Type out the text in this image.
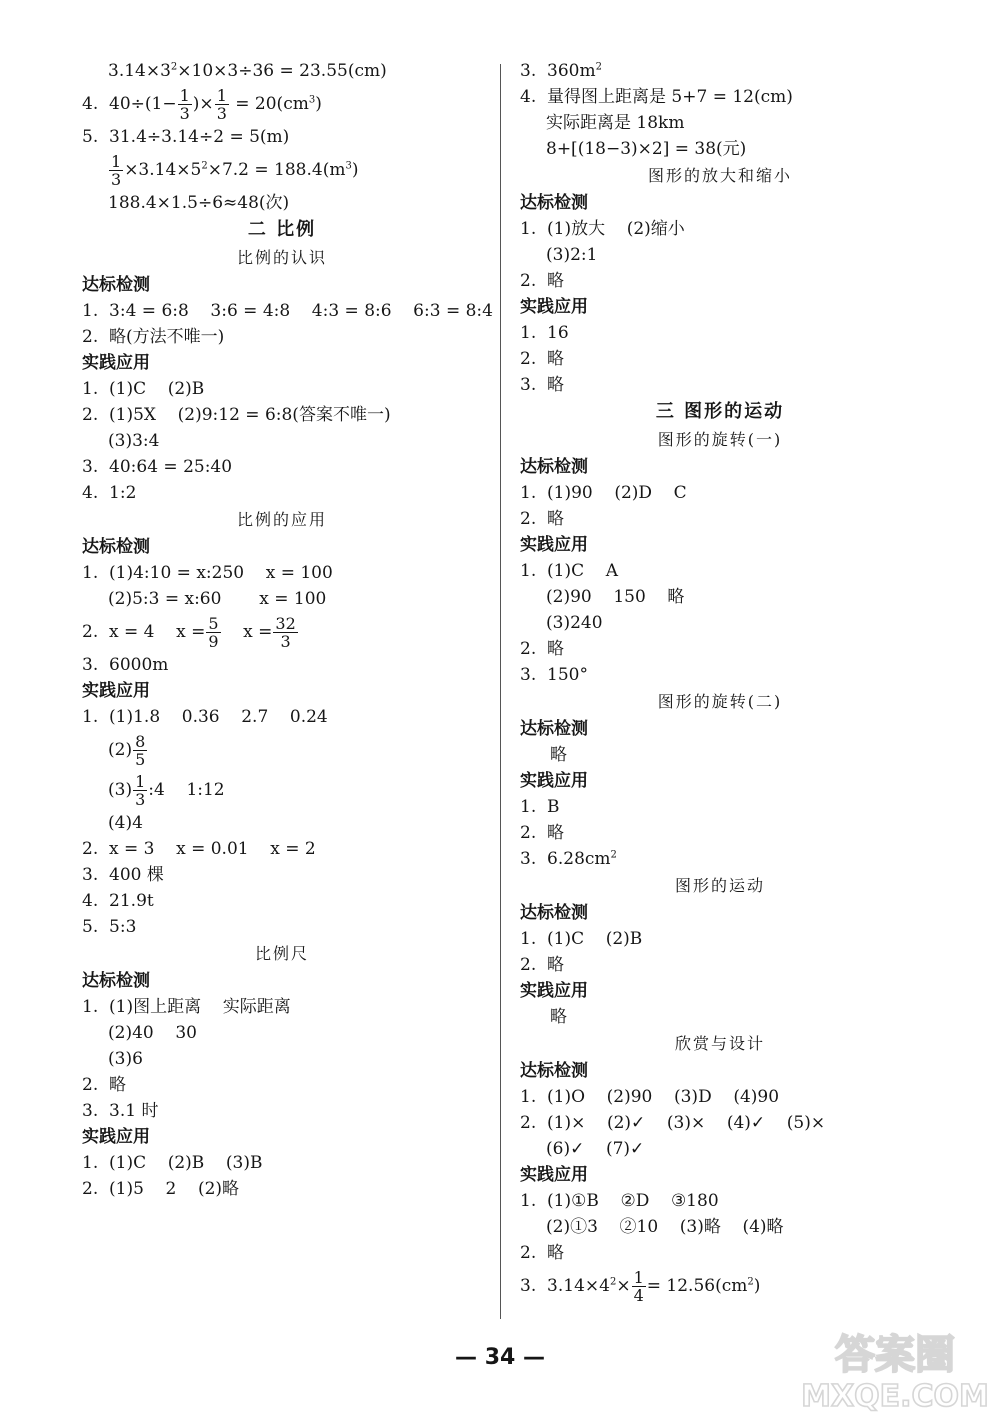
$3.14\times 3^2\times 10\times 3\div 36 = 23.55(cm)$
4.  $40\div(1- \frac{1}{3}$ )× $\frac{1}{3} = 20(cm^3)$
5.  31.4÷3.14÷2 = 5(m)
$\frac{1}{3} \times 3.14\times 5^2\times 7.2 = 188.4(m^3)$
188.4×1.5÷6≈48(次)
二 比例
比例的认识
达标检测
1.  3:4 = 6:8    3:6 = 4:8    4:3 = 8:6    6:3 = 8:4
2.  略(方法不唯一)
实践应用
1.  (1)C    (2)B
2.  (1)5X    (2)9:12 = 6:8(答案不唯一)
(3)3:4
3.  40:64 = 25:40
4.  1:2
比例的应用
达标检测
1.  (1)4:10 = x:250    x = 100
(2)5:3 = x:60       x = 100
2.  x = 4    $x = \frac{5}{9}$ $x = \frac{32}{3}$
3.  6000m
实践应用
1.  (1)1.8    0.36    2.7    0.24
$(2) \frac{8}{5}$
$(3) \frac{1}{3}$ :4    1:12
(4)4
2.  x = 3    x = 0.01    x = 2
3.  400 棵
4.  21.9t
5.  5:3
比例尺
达标检测
1.  (1)图上距离    实际距离
(2)40    30
(3)6
2.  略
3.  3.1 时
实践应用
1.  (1)C    (2)B    (3)B
2.  (1)5    2    (2)略
3.  $360m^2$
4.  量得图上距离是 5+7 = 12(cm)
实际距离是 18km
8+[(18−3)×2] = 38(元)
图形的放大和缩小
达标检测
1.  (1)放大    (2)缩小
(3)2:1
2.  略
实践应用
1.  16
2.  略
3.  略
三 图形的运动
图形的旋转(一)
达标检测
1.  (1)90    (2)D    C
2.  略
实践应用
1.  (1)C    A
(2)90    150    略
(3)240
2.  略
3.  150°
图形的旋转(二)
达标检测
略
实践应用
1.  B
2.  略
3.  $6.28cm^2$
图形的运动
达标检测
1.  (1)C    (2)B
2.  略
实践应用
略
欣赏与设计
达标检测
1.  (1)O    (2)90    (3)D    (4)90
2.  (1)×    (2)✓    (3)×    (4)✓    (5)×
(6)✓    (7)✓
实践应用
1.  (1)①B    ②D    ③180
(2)①3    ②10    (3)略    (4)略
2.  略
3.  $3.14\times 4^2\times \frac{1}{4} = 12.56(cm^2)$
— 34 —	答案圈
MXQE.COM
